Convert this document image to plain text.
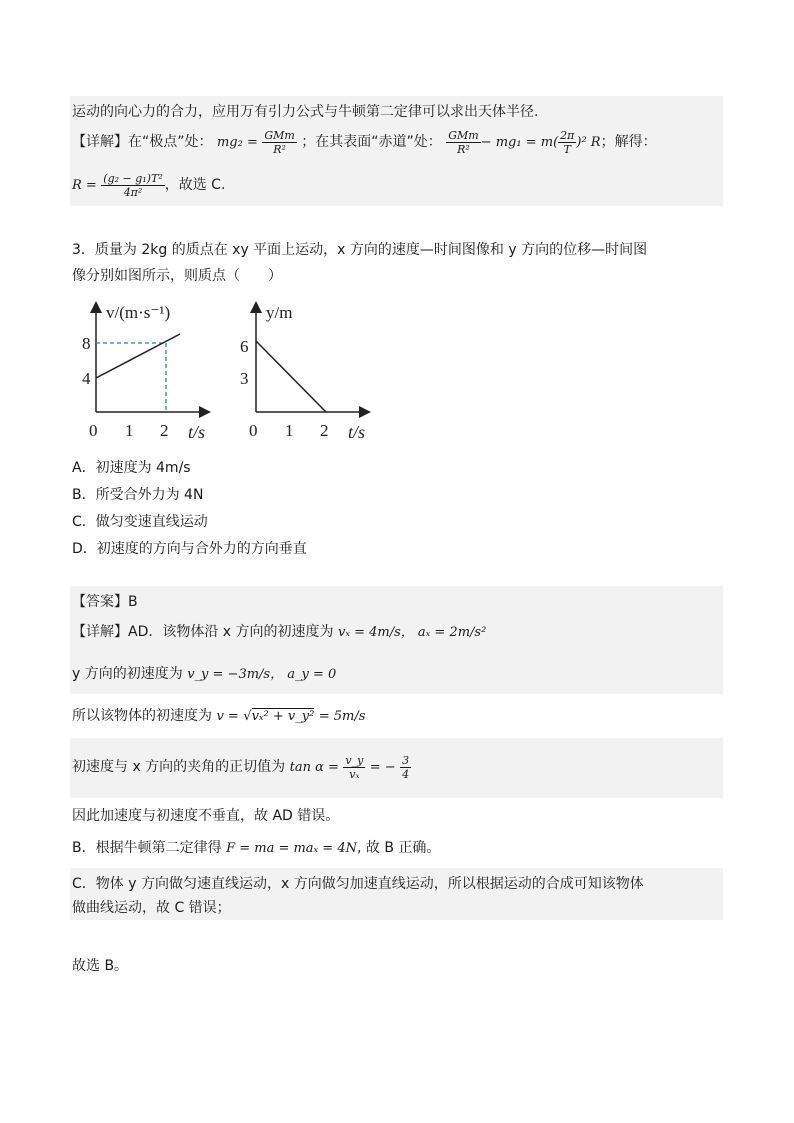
运动的向心力的合力，应用万有引力公式与牛顿第二定律可以求出天体半径.
【详解】在“极点”处： $mg_2 = \frac{\text{GMm}}{\text{R²}}$ ；在其表面“赤道”处： $\frac{\text{GMm}}{\text{R²}} - mg_1 = m( \frac{2\pi}{T} )^2$ R；解得：
$R = \frac{\text{(g₂ − g₁)T²}}{\text{4π²}}$ ，故选 C.
3．质量为 2kg 的质点在 xy 平面上运动，x 方向的速度—时间图像和 y 方向的位移—时间图
像分别如图所示，则质点（　　）
8
4
0 1 2
v/(m·s⁻¹)
t/s
6
3
0 1 2
y/m
t/s
A．初速度为 4m/s
B．所受合外力为 4N
C．做匀变速直线运动
D．初速度的方向与合外力的方向垂直
【答案】B
【详解】AD．该物体沿 x 方向的初速度为 vₓ = 4m/s， aₓ = 2m/s²
y 方向的初速度为 v_y = −3m/s， a_y = 0
所以该物体的初速度为 v = √vₓ² + v_y² = 5m/s
初速度与 x 方向的夹角的正切值为 $\tan \alpha = \frac{v\_y}{\text{vₓ}}$ = − $\frac{3}{4}$
因此加速度与初速度不垂直，故 AD 错误。
B．根据牛顿第二定律得 F = ma = maₓ = 4N, 故 B 正确。
C．物体 y 方向做匀速直线运动，x 方向做匀加速直线运动，所以根据运动的合成可知该物体
做曲线运动，故 C 错误；
故选 B。
